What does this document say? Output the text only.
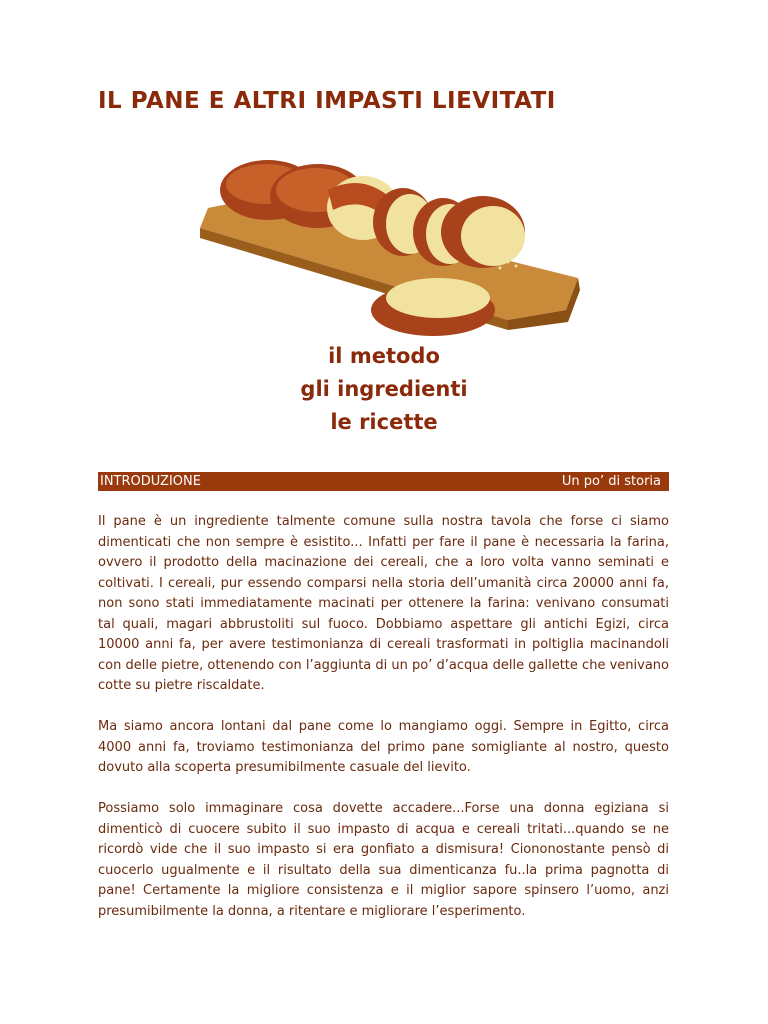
IL PANE E ALTRI IMPASTI LIEVITATI
il metodo
gli ingredienti
le ricette
INTRODUZIONE	Un po’ di storia

Il pane è un ingrediente talmente comune sulla nostra tavola che forse ci siamo dimenticati che non sempre è esistito... Infatti per fare il pane è necessaria la farina, ovvero il prodotto della macinazione dei cereali, che a loro volta vanno seminati e coltivati. I cereali, pur essendo comparsi nella storia dell’umanità circa 20000 anni fa, non sono stati immediatamente macinati per ottenere la farina: venivano consumati tal quali, magari abbrustoliti sul fuoco. Dobbiamo aspettare gli antichi Egizi, circa 10000 anni fa, per avere testimonianza di cereali trasformati in poltiglia macinandoli con delle pietre, ottenendo con l’aggiunta di un po’ d’acqua delle gallette che venivano cotte su pietre riscaldate.

Ma siamo ancora lontani dal pane come lo mangiamo oggi. Sempre in Egitto, circa 4000 anni fa, troviamo testimonianza del primo pane somigliante al nostro, questo dovuto alla scoperta presumibilmente casuale del lievito.

Possiamo solo immaginare cosa dovette accadere...Forse una donna egiziana si dimenticò di cuocere subito il suo impasto di acqua e cereali tritati...quando se ne ricordò vide che il suo impasto si era gonfiato a dismisura! Ciononostante pensò di cuocerlo ugualmente e il risultato della sua dimenticanza fu..la prima pagnotta di pane! Certamente la migliore consistenza e il miglior sapore spinsero l’uomo, anzi presumibilmente la donna, a ritentare e migliorare l’esperimento.
